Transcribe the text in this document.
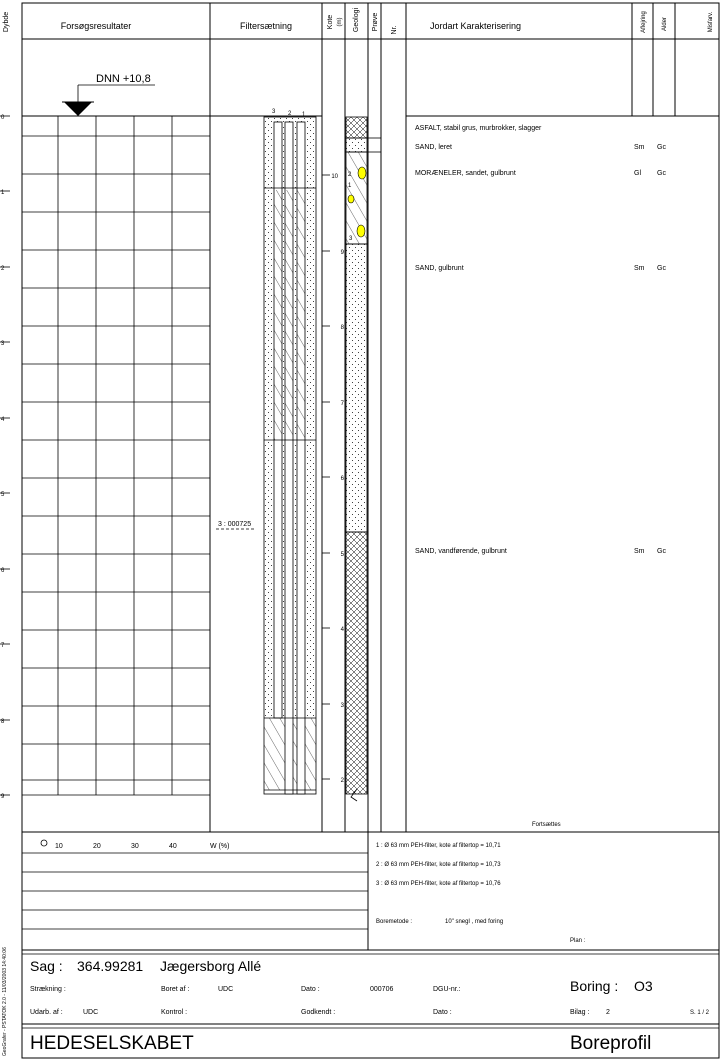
Dybde	Forsøgsresultater	Filtersætning	Kote (m) Geologi Prøve Nr.	Jordart Karakterisering	Aflejring	Alder	Misfarv.
DNN +10,8
0
1
2
3
4
5
6
7
8
9
10
9
8
7
6
5
4
3
2
3 2 1
2
1
3
3 : 000725
ASFALT, stabil grus, murbrokker, slagger
SAND, leret	Sm Gc
MORÆNELER, sandet, gulbrunt	Gl Gc
SAND, gulbrunt	Sm Gc
SAND, vandførende, gulbrunt	Sm Gc
Fortsættes
10	20	30	40	W (%)	1 : Ø 63 mm PEH-filter, kote af filtertop = 10,71
2 : Ø 63 mm PEH-filter, kote af filtertop = 10,73
3 : Ø 63 mm PEH-filter, kote af filtertop = 10,76
Boremetode :	10" snegl , med foring
Plan :
Sag : 364.99281 Jægersborg Allé
Strækning :	Boret af :	UDC	Dato :	000706	DGU-nr.:	Boring : O3
Udarb. af :	UDC	Kontrol :	Godkendt :	Dato :	Bilag : 2	S. 1 / 2
HEDESELSKABET	Boreprofil
GeoGrafer - PSTATOK 2.0 - 11/03/2003 14:40:06
